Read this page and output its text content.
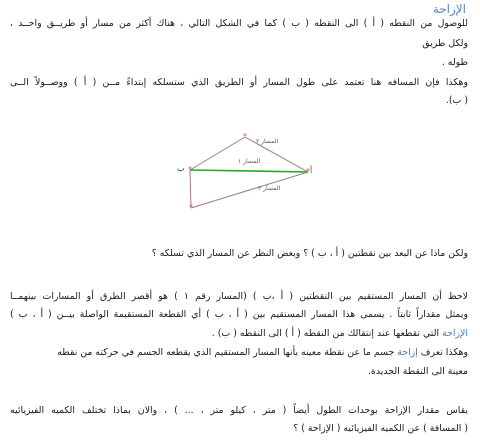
الإزاحة
للوصول من النقطه ( أ ) الى النقطه ( ب ) كما في الشكل التالي ، هناك أكثر من مسار أو طريــق واحــد ،
ولكل طريق
طوله .
وهكذا فإن المسافه هنا تعتمد على طول المسار أو الطريق الذي ستسلكه إبتداءً مــن ( أ ) ووصــولاً الــى
( ب).
*
*
*
*
أ
ب
المسار ٢
المسار ١
المسار ٣
ولكن ماذا عن البعد بين نقطتين ( أ ، ب ) ؟ وبغض النظر عن المسار الذي تسلكه ؟
لاحظ أن المسار المستقيم بين النقطتين ( أ ،ب ) (المسار رقم ١ ) هو أقصر الطرق أو المسارات بينهمــا
ويمثل مقداراً ثابتاً . يسمى هذا المسار المستقيم بين ( أ ، ب ) أي القطعة المستقيمة الواصلة بيــن ( أ ، ب )
الإزاحة التي تقطعها عند إنتقالك من النقطه ( أ ) الى النقطه ( ب) .
وهكذا تعرف إزاحة جسم ما عن نقطة معينه بأنها المسار المستقيم الذي يقطعه الجسم في حركته من نقطه
معينة الى النقطة الجديدة.
يقاس مقدار الإزاحة بوحدات الطول أيضاً ( متر ، كيلو متر ، ... ) ، والان بماذا تختلف الكميه الفيزيائيه
( المسافة ) عن الكميه الفيزيائيه ( الإزاحة ) ؟
